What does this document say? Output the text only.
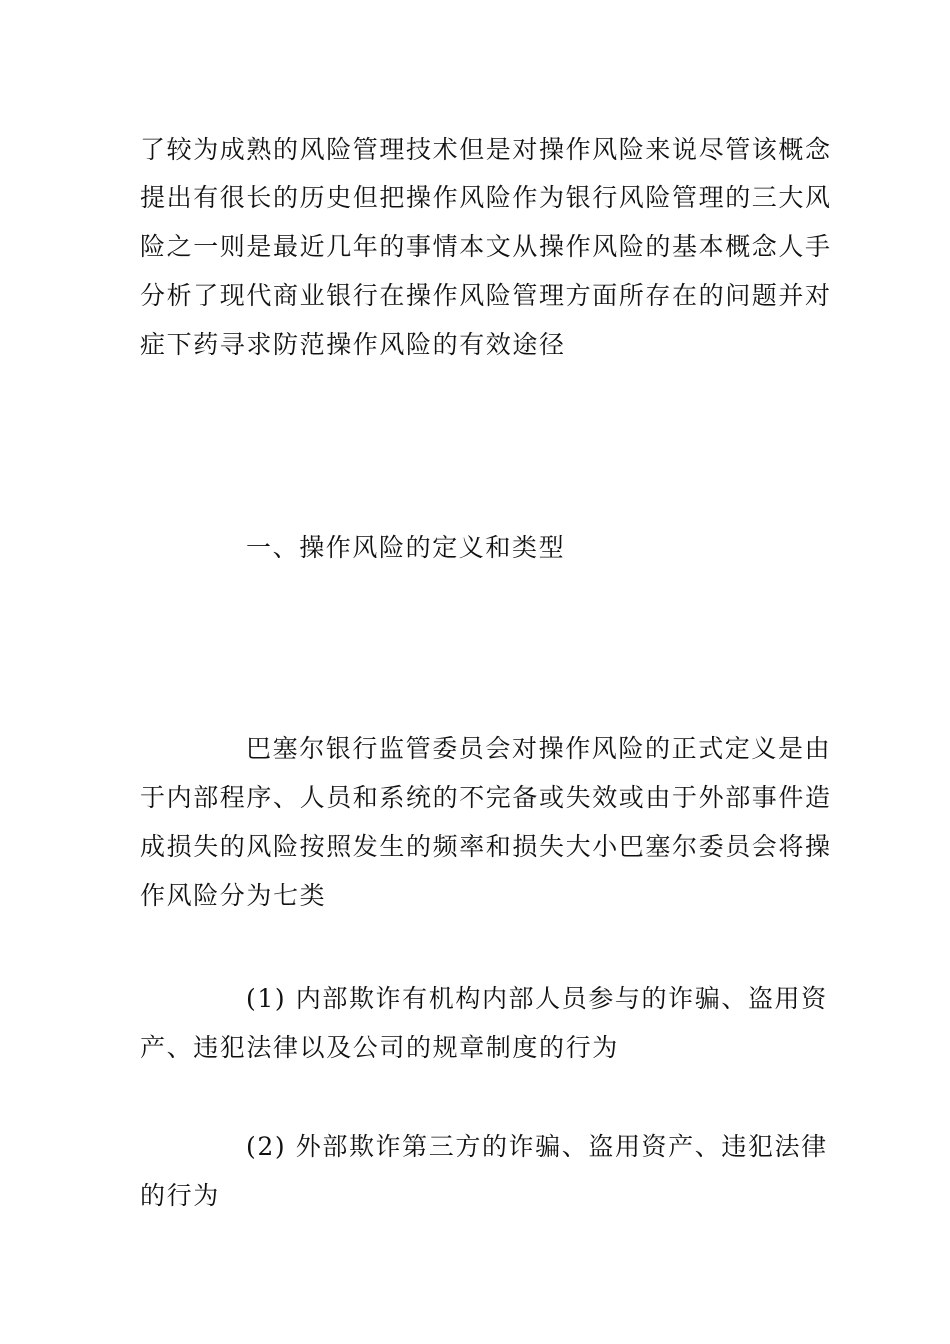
了较为成熟的风险管理技术但是对操作风险来说尽管该概念
提出有很长的历史但把操作风险作为银行风险管理的三大风
险之一则是最近几年的事情本文从操作风险的基本概念人手
分析了现代商业银行在操作风险管理方面所存在的问题并对
症下药寻求防范操作风险的有效途径
一、操作风险的定义和类型
巴塞尔银行监管委员会对操作风险的正式定义是由
于内部程序、人员和系统的不完备或失效或由于外部事件造
成损失的风险按照发生的频率和损失大小巴塞尔委员会将操
作风险分为七类
(1) 内部欺诈有机构内部人员参与的诈骗、盗用资
产、违犯法律以及公司的规章制度的行为
(2) 外部欺诈第三方的诈骗、盗用资产、违犯法律
的行为
